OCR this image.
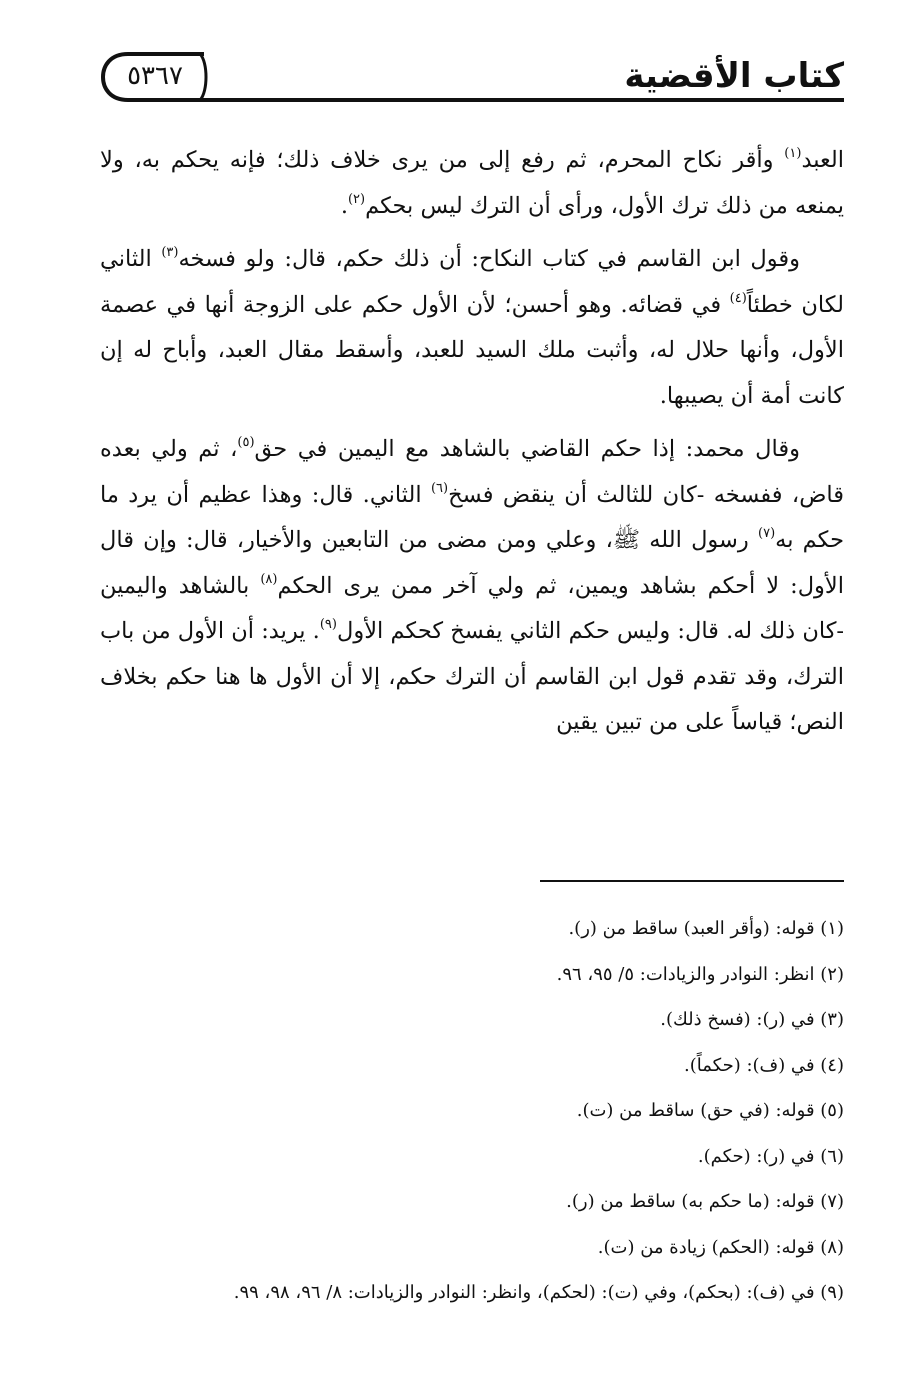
كتاب الأقضية
٥٣٦٧

العبد$^{(١)}$ وأقر نكاح المحرم، ثم رفع إلى من يرى خلاف ذلك؛ فإنه يحكم به، ولا يمنعه من ذلك ترك الأول، ورأى أن الترك ليس بحكم$^{(٢)}$.

وقول ابن القاسم في كتاب النكاح: أن ذلك حكم، قال: ولو فسخه$^{(٣)}$ الثاني لكان خطئاً$^{(٤)}$ في قضائه. وهو أحسن؛ لأن الأول حكم على الزوجة أنها في عصمة الأول، وأنها حلال له، وأثبت ملك السيد للعبد، وأسقط مقال العبد، وأباح له إن كانت أمة أن يصيبها.

وقال محمد: إذا حكم القاضي بالشاهد مع اليمين في حق$^{(٥)}$، ثم ولي بعده قاض، ففسخه -كان للثالث أن ينقض فسخ$^{(٦)}$ الثاني. قال: وهذا عظيم أن يرد ما حكم به$^{(٧)}$ رسول الله ﷺ، وعلي ومن مضى من التابعين والأخيار، قال: وإن قال الأول: لا أحكم بشاهد ويمين، ثم ولي آخر ممن يرى الحكم$^{(٨)}$ بالشاهد واليمين -كان ذلك له. قال: وليس حكم الثاني يفسخ كحكم الأول$^{(٩)}$. يريد: أن الأول من باب الترك، وقد تقدم قول ابن القاسم أن الترك حكم، إلا أن الأول ها هنا حكم بخلاف النص؛ قياساً على من تبين يقين

(١) قوله: (وأقر العبد) ساقط من (ر).
(٢) انظر: النوادر والزيادات: ٥/ ٩٥، ٩٦.
(٣) في (ر): (فسخ ذلك).
(٤) في (ف): (حكماً).
(٥) قوله: (في حق) ساقط من (ت).
(٦) في (ر): (حكم).
(٧) قوله: (ما حكم به) ساقط من (ر).
(٨) قوله: (الحكم) زيادة من (ت).
(٩) في (ف): (بحكم)، وفي (ت): (لحكم)، وانظر: النوادر والزيادات: ٨/ ٩٦، ٩٨، ٩٩.
